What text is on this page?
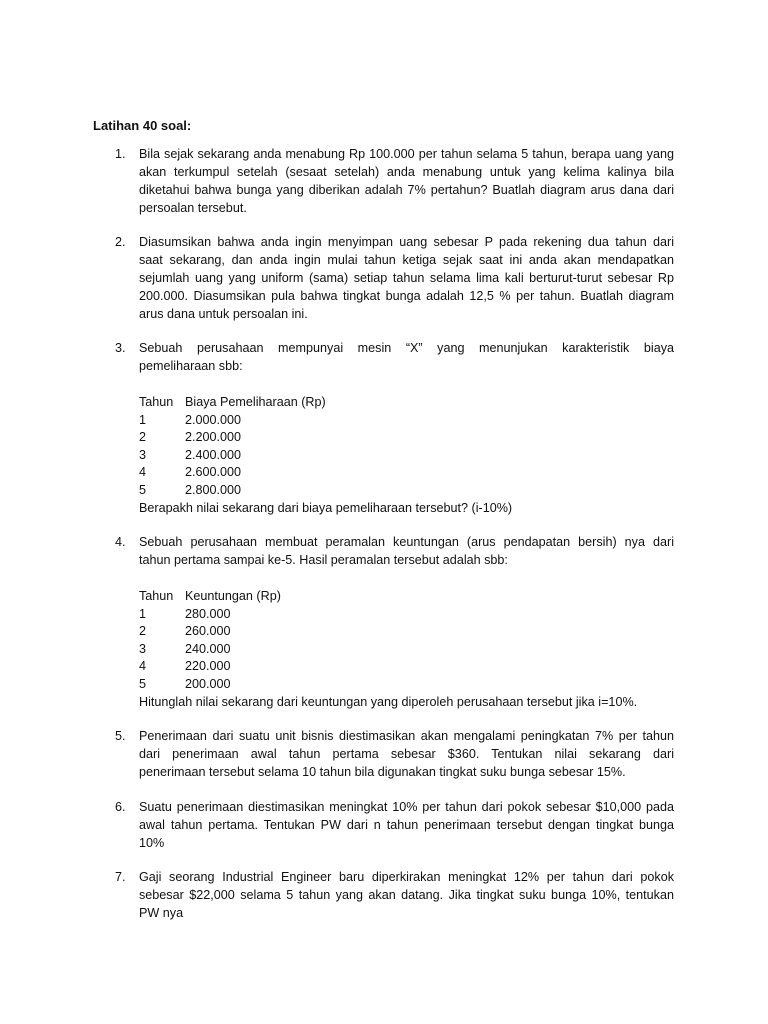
Latihan 40 soal:
1.	Bila sejak sekarang anda menabung Rp 100.000 per tahun selama 5 tahun, berapa uang yang
akan terkumpul setelah (sesaat setelah) anda menabung untuk yang kelima kalinya bila
diketahui bahwa bunga yang diberikan adalah 7% pertahun? Buatlah diagram arus dana dari
persoalan tersebut.
2.	Diasumsikan bahwa anda ingin menyimpan uang sebesar P pada rekening dua tahun dari
saat sekarang, dan anda ingin mulai tahun ketiga sejak saat ini anda akan mendapatkan
sejumlah uang yang uniform (sama) setiap tahun selama lima kali berturut-turut sebesar Rp
200.000. Diasumsikan pula bahwa tingkat bunga adalah 12,5 % per tahun. Buatlah diagram
arus dana untuk persoalan ini.
3.	Sebuah perusahaan mempunyai mesin “X” yang menunjukan karakteristik biaya
pemeliharaan sbb:
Tahun Biaya Pemeliharaan (Rp)
1	2.000.000
2	2.200.000
3	2.400.000
4	2.600.000
5	2.800.000
Berapakh nilai sekarang dari biaya pemeliharaan tersebut? (i-10%)
4.	Sebuah perusahaan membuat peramalan keuntungan (arus pendapatan bersih) nya dari
tahun pertama sampai ke-5. Hasil peramalan tersebut adalah sbb:
Tahun Keuntungan (Rp)
1	280.000
2	260.000
3	240.000
4	220.000
5	200.000
Hitunglah nilai sekarang dari keuntungan yang diperoleh perusahaan tersebut jika i=10%.
5.	Penerimaan dari suatu unit bisnis diestimasikan akan mengalami peningkatan 7% per tahun
dari penerimaan awal tahun pertama sebesar $360. Tentukan nilai sekarang dari
penerimaan tersebut selama 10 tahun bila digunakan tingkat suku bunga sebesar 15%.
6.	Suatu penerimaan diestimasikan meningkat 10% per tahun dari pokok sebesar $10,000 pada
awal tahun pertama. Tentukan PW dari n tahun penerimaan tersebut dengan tingkat bunga
10%
7.	Gaji seorang Industrial Engineer baru diperkirakan meningkat 12% per tahun dari pokok
sebesar $22,000 selama 5 tahun yang akan datang. Jika tingkat suku bunga 10%, tentukan
PW nya
